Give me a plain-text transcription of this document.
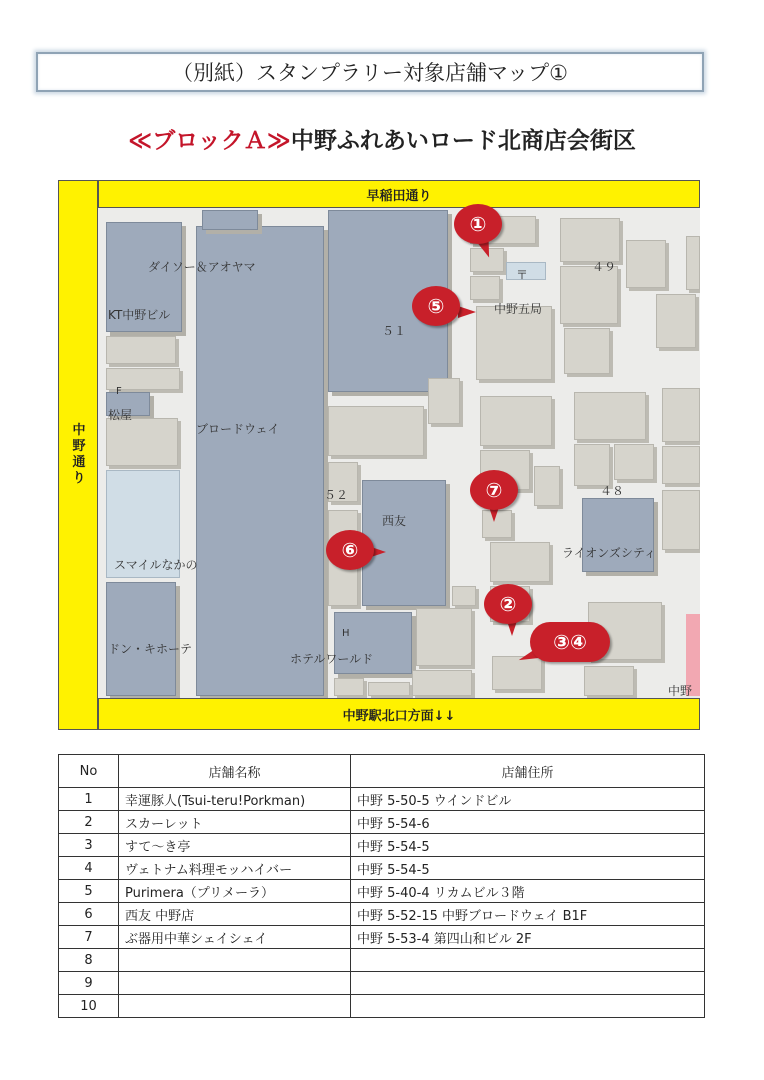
（別紙）スタンプラリー対象店舗マップ①
≪ブロックＡ≫中野ふれあいロード北商店会街区
中
野
通
り
早稲田通り
ダイソー＆アオヤマ
KT中野ビル
F
松屋
ブロードウェイ
スマイルなかの
ドン・キホーテ
H
ホテルワールド
西友
５２
５１
〒
中野五局
４９
４８
ライオンズシティ
中野
①
⑤
⑥
⑦
②
③④
中野駅北口方面↓↓
No	店舗名称	店舗住所
1	幸運豚人(Tsui-teru!Porkman)	中野 5-50-5 ウインドビル
2	スカーレット	中野 5-54-6
3	すて～き亭	中野 5-54-5
4	ヴェトナム料理モッハイバー	中野 5-54-5
5	Purimera（プリメーラ）	中野 5-40-4 リカムビル３階
6	西友 中野店	中野 5-52-15 中野ブロードウェイ B1F
7	ぶ器用中華シェイシェイ	中野 5-53-4 第四山和ビル 2F
8		
9		
10		
